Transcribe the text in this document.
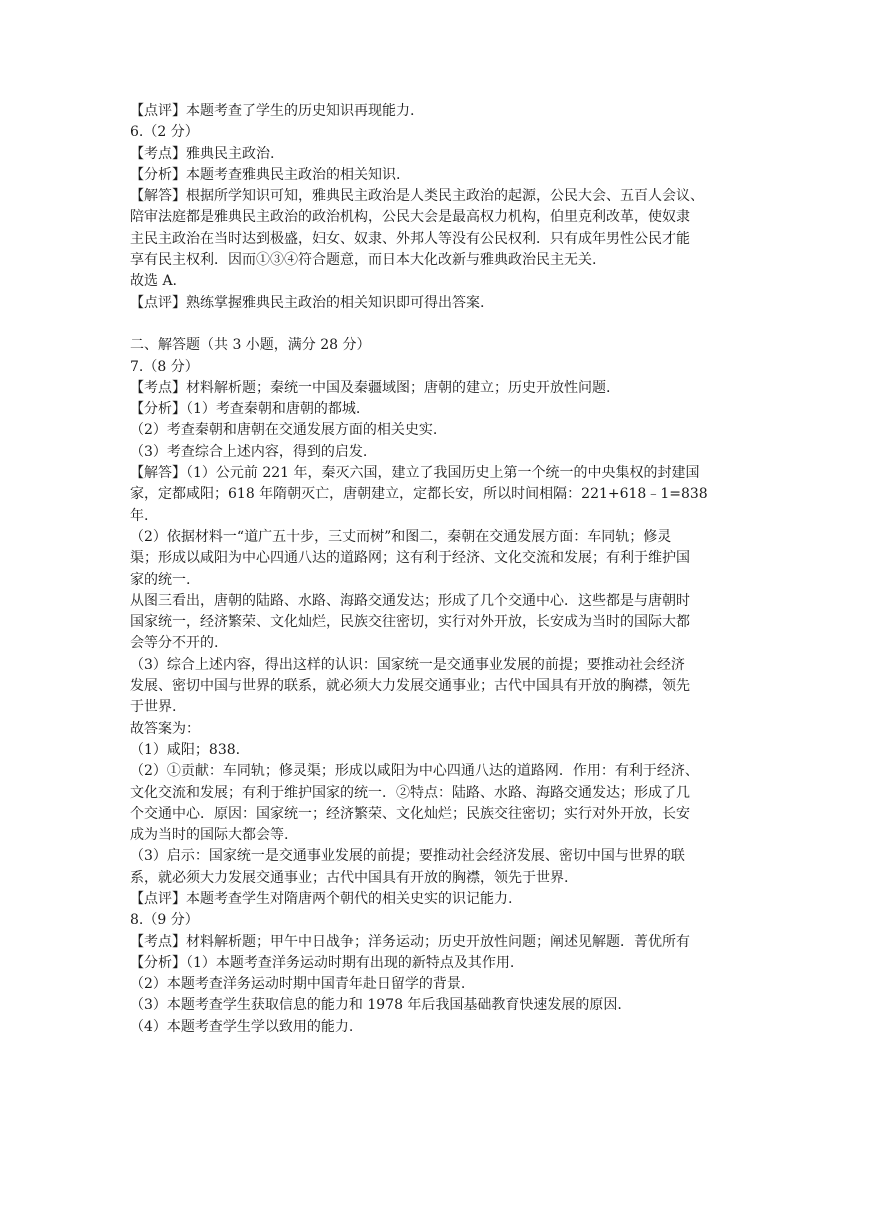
【点评】本题考查了学生的历史知识再现能力.
6.（2 分）
【考点】雅典民主政治.
【分析】本题考查雅典民主政治的相关知识.
【解答】根据所学知识可知，雅典民主政治是人类民主政治的起源，公民大会、五百人会议、
陪审法庭都是雅典民主政治的政治机构，公民大会是最高权力机构，伯里克利改革，使奴隶
主民主政治在当时达到极盛，妇女、奴隶、外邦人等没有公民权利．只有成年男性公民才能
享有民主权利．因而①③④符合题意，而日本大化改新与雅典政治民主无关.
故选 A.
【点评】熟练掌握雅典民主政治的相关知识即可得出答案.
二、解答题（共 3 小题，满分 28 分）
7.（8 分）
【考点】材料解析题；秦统一中国及秦疆域图；唐朝的建立；历史开放性问题.
【分析】（1）考查秦朝和唐朝的都城.
（2）考查秦朝和唐朝在交通发展方面的相关史实.
（3）考查综合上述内容，得到的启发.
【解答】（1）公元前 221 年，秦灭六国，建立了我国历史上第一个统一的中央集权的封建国
家，定都咸阳；618 年隋朝灭亡，唐朝建立，定都长安，所以时间相隔：221+618﹣1=838
年.
（2）依据材料一“道广五十步，三丈而树”和图二，秦朝在交通发展方面：车同轨；修灵
渠；形成以咸阳为中心四通八达的道路网；这有利于经济、文化交流和发展；有利于维护国
家的统一.
从图三看出，唐朝的陆路、水路、海路交通发达；形成了几个交通中心．这些都是与唐朝时
国家统一，经济繁荣、文化灿烂，民族交往密切，实行对外开放，长安成为当时的国际大都
会等分不开的.
（3）综合上述内容，得出这样的认识：国家统一是交通事业发展的前提；要推动社会经济
发展、密切中国与世界的联系，就必须大力发展交通事业；古代中国具有开放的胸襟，领先
于世界.
故答案为：
（1）咸阳；838.
（2）①贡献：车同轨；修灵渠；形成以咸阳为中心四通八达的道路网．作用：有利于经济、
文化交流和发展；有利于维护国家的统一．②特点：陆路、水路、海路交通发达；形成了几
个交通中心．原因：国家统一；经济繁荣、文化灿烂；民族交往密切；实行对外开放，长安
成为当时的国际大都会等.
（3）启示：国家统一是交通事业发展的前提；要推动社会经济发展、密切中国与世界的联
系，就必须大力发展交通事业；古代中国具有开放的胸襟，领先于世界.
【点评】本题考查学生对隋唐两个朝代的相关史实的识记能力.
8.（9 分）
【考点】材料解析题；甲午中日战争；洋务运动；历史开放性问题；阐述见解题．菁优所有
【分析】（1）本题考查洋务运动时期有出现的新特点及其作用.
（2）本题考查洋务运动时期中国青年赴日留学的背景.
（3）本题考查学生获取信息的能力和 1978 年后我国基础教育快速发展的原因.
（4）本题考查学生学以致用的能力.
